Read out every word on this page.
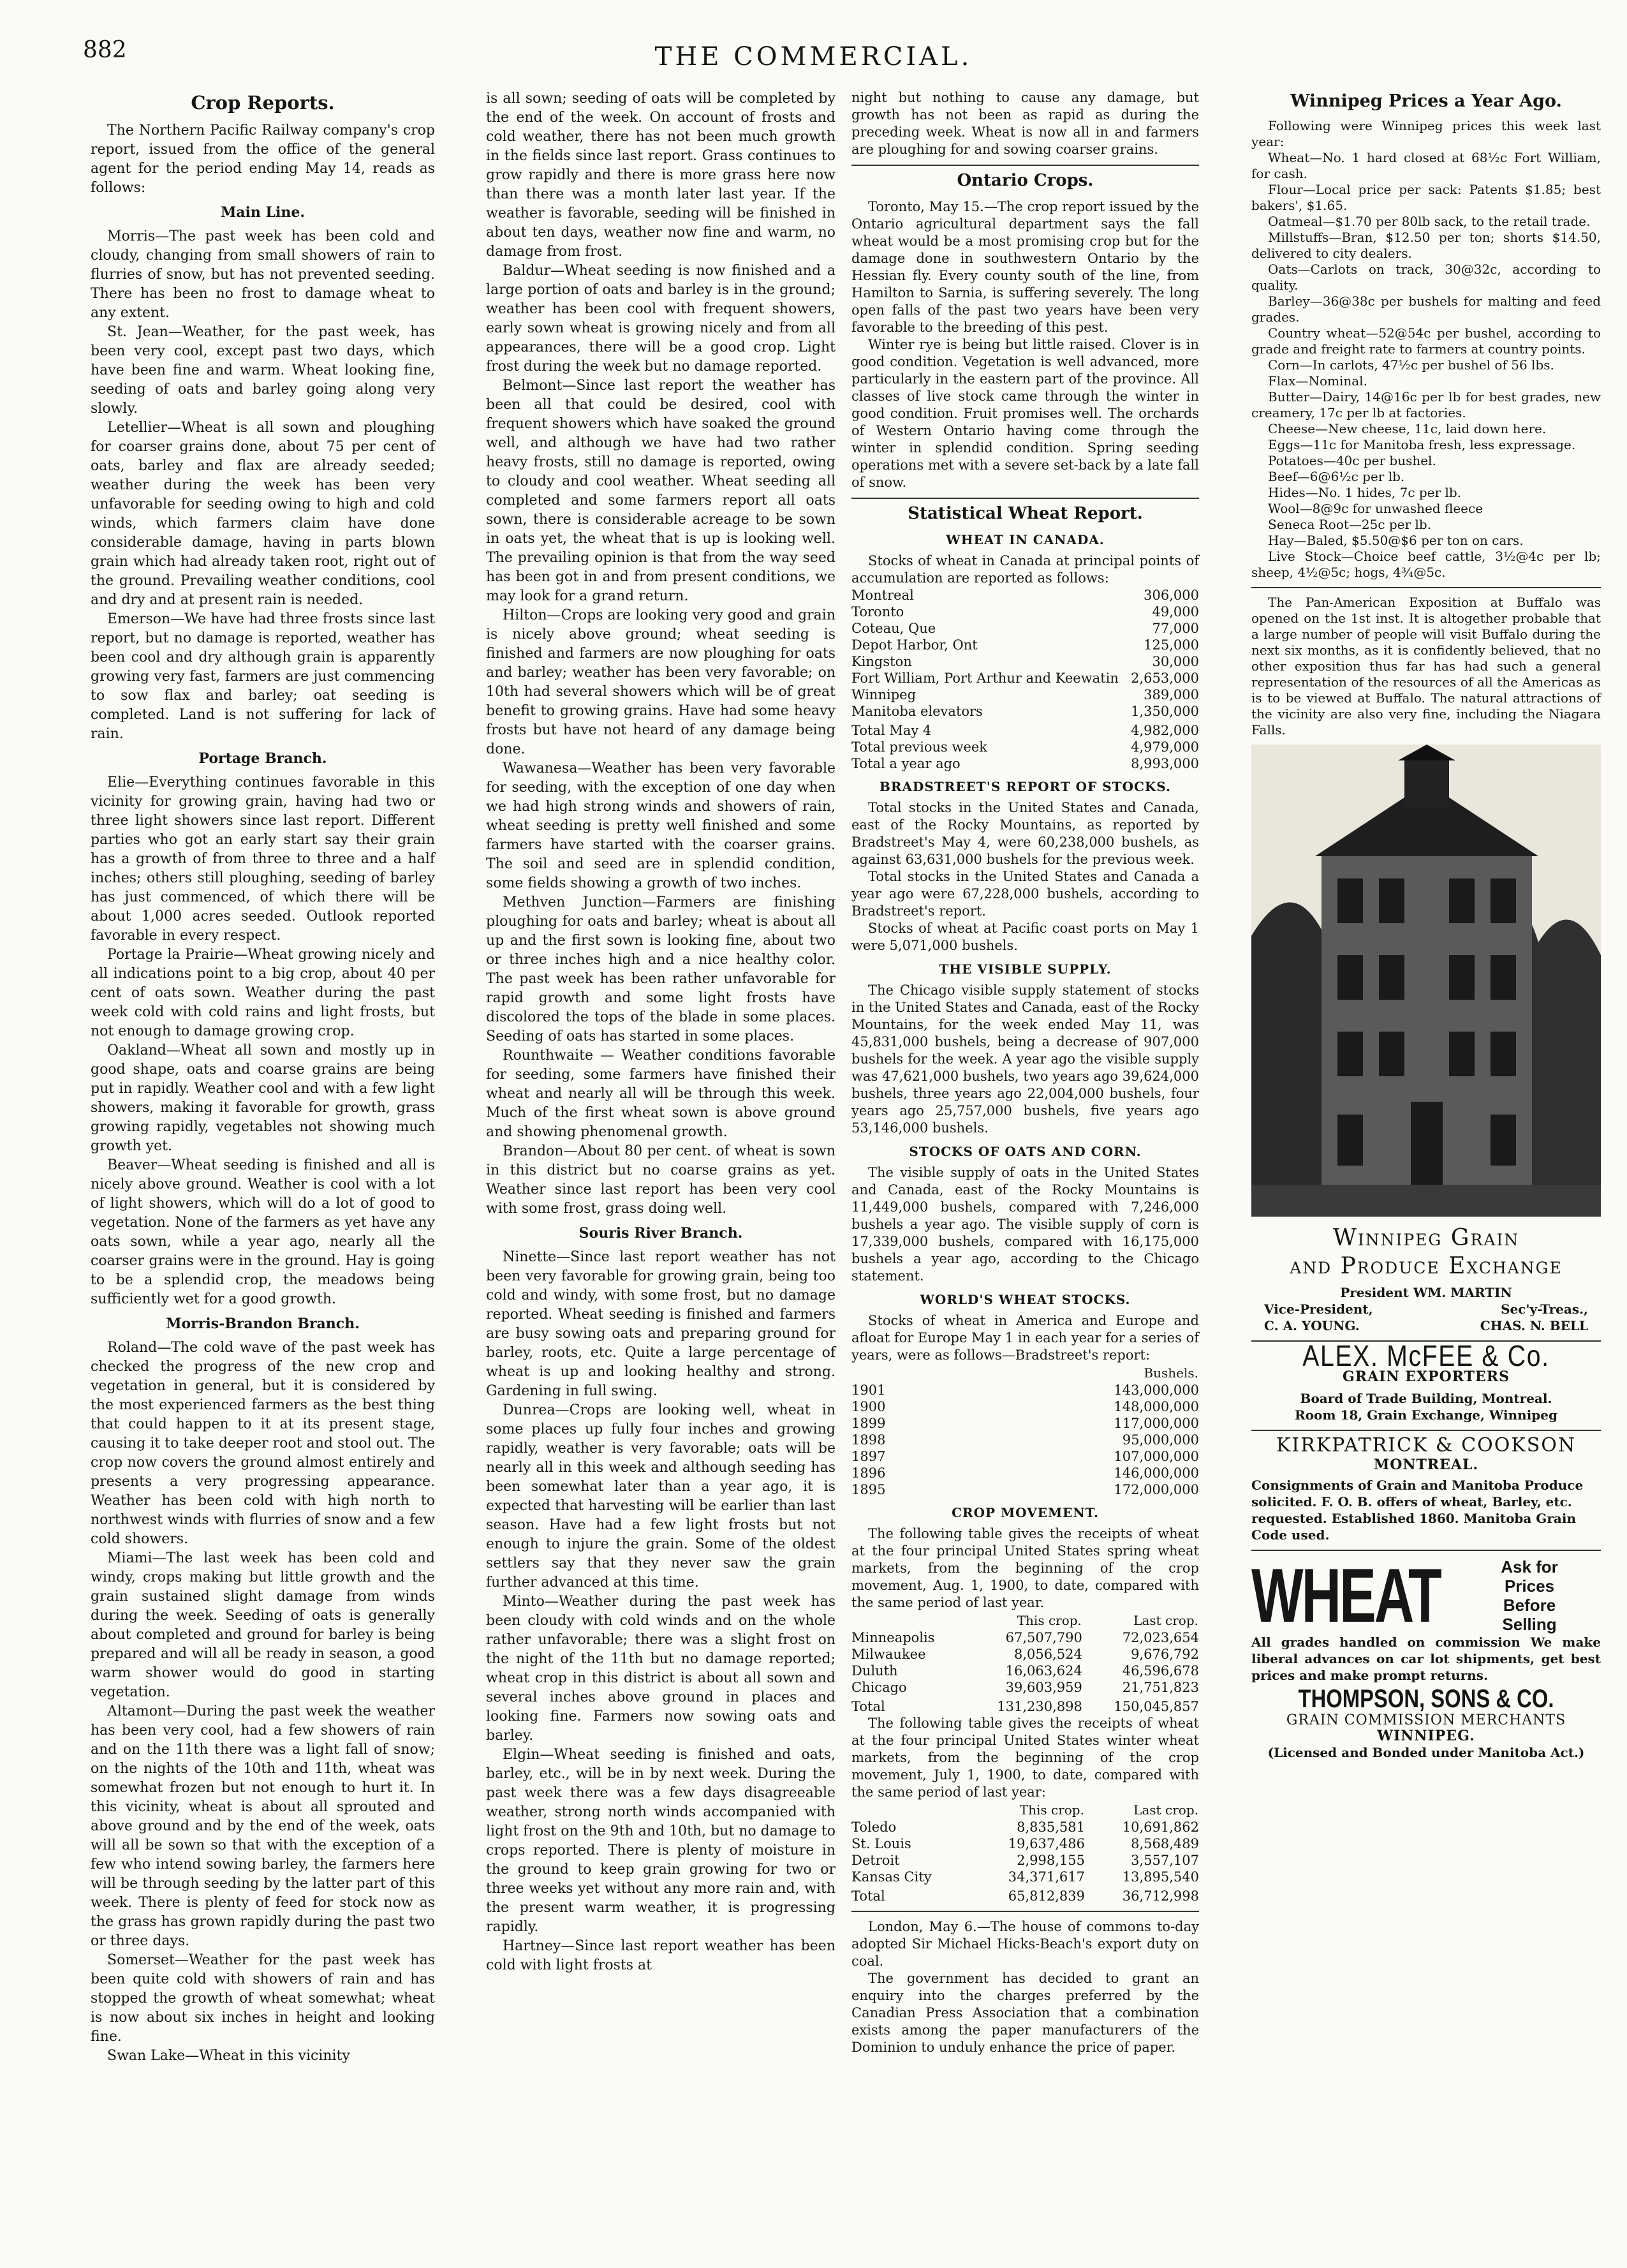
882	THE COMMERCIAL.
Crop Reports.

The Northern Pacific Railway company's crop report, issued from the office of the general agent for the period ending May 14, reads as follows:

Main Line.

Morris—The past week has been cold and cloudy, changing from small showers of rain to flurries of snow, but has not prevented seeding. There has been no frost to damage wheat to any extent.

St. Jean—Weather, for the past week, has been very cool, except past two days, which have been fine and warm. Wheat looking fine, seeding of oats and barley going along very slowly.

Letellier—Wheat is all sown and ploughing for coarser grains done, about 75 per cent of oats, barley and flax are already seeded; weather during the week has been very unfavorable for seeding owing to high and cold winds, which farmers claim have done considerable damage, having in parts blown grain which had already taken root, right out of the ground. Prevailing weather conditions, cool and dry and at present rain is needed.

Emerson—We have had three frosts since last report, but no damage is reported, weather has been cool and dry although grain is apparently growing very fast, farmers are just commencing to sow flax and barley; oat seeding is completed. Land is not suffering for lack of rain.

Portage Branch.

Elie—Everything continues favorable in this vicinity for growing grain, having had two or three light showers since last report. Different parties who got an early start say their grain has a growth of from three to three and a half inches; others still ploughing, seeding of barley has just commenced, of which there will be about 1,000 acres seeded. Outlook reported favorable in every respect.

Portage la Prairie—Wheat growing nicely and all indications point to a big crop, about 40 per cent of oats sown. Weather during the past week cold with cold rains and light frosts, but not enough to damage growing crop.

Oakland—Wheat all sown and mostly up in good shape, oats and coarse grains are being put in rapidly. Weather cool and with a few light showers, making it favorable for growth, grass growing rapidly, vegetables not showing much growth yet.

Beaver—Wheat seeding is finished and all is nicely above ground. Weather is cool with a lot of light showers, which will do a lot of good to vegetation. None of the farmers as yet have any oats sown, while a year ago, nearly all the coarser grains were in the ground. Hay is going to be a splendid crop, the meadows being sufficiently wet for a good growth.

Morris-Brandon Branch.

Roland—The cold wave of the past week has checked the progress of the new crop and vegetation in general, but it is considered by the most experienced farmers as the best thing that could happen to it at its present stage, causing it to take deeper root and stool out. The crop now covers the ground almost entirely and presents a very progressing appearance. Weather has been cold with high north to northwest winds with flurries of snow and a few cold showers.

Miami—The last week has been cold and windy, crops making but little growth and the grain sustained slight damage from winds during the week. Seeding of oats is generally about completed and ground for barley is being prepared and will all be ready in season, a good warm shower would do good in starting vegetation.

Altamont—During the past week the weather has been very cool, had a few showers of rain and on the 11th there was a light fall of snow; on the nights of the 10th and 11th, wheat was somewhat frozen but not enough to hurt it. In this vicinity, wheat is about all sprouted and above ground and by the end of the week, oats will all be sown so that with the exception of a few who intend sowing barley, the farmers here will be through seeding by the latter part of this week. There is plenty of feed for stock now as the grass has grown rapidly during the past two or three days.

Somerset—Weather for the past week has been quite cold with showers of rain and has stopped the growth of wheat somewhat; wheat is now about six inches in height and looking fine.

Swan Lake—Wheat in this vicinity

is all sown; seeding of oats will be completed by the end of the week. On account of frosts and cold weather, there has not been much growth in the fields since last report. Grass continues to grow rapidly and there is more grass here now than there was a month later last year. If the weather is favorable, seeding will be finished in about ten days, weather now fine and warm, no damage from frost.

Baldur—Wheat seeding is now finished and a large portion of oats and barley is in the ground; weather has been cool with frequent showers, early sown wheat is growing nicely and from all appearances, there will be a good crop. Light frost during the week but no damage reported.

Belmont—Since last report the weather has been all that could be desired, cool with frequent showers which have soaked the ground well, and although we have had two rather heavy frosts, still no damage is reported, owing to cloudy and cool weather. Wheat seeding all completed and some farmers report all oats sown, there is considerable acreage to be sown in oats yet, the wheat that is up is looking well. The prevailing opinion is that from the way seed has been got in and from present conditions, we may look for a grand return.

Hilton—Crops are looking very good and grain is nicely above ground; wheat seeding is finished and farmers are now ploughing for oats and barley; weather has been very favorable; on 10th had several showers which will be of great benefit to growing grains. Have had some heavy frosts but have not heard of any damage being done.

Wawanesa—Weather has been very favorable for seeding, with the exception of one day when we had high strong winds and showers of rain, wheat seeding is pretty well finished and some farmers have started with the coarser grains. The soil and seed are in splendid condition, some fields showing a growth of two inches.

Methven Junction—Farmers are finishing ploughing for oats and barley; wheat is about all up and the first sown is looking fine, about two or three inches high and a nice healthy color. The past week has been rather unfavorable for rapid growth and some light frosts have discolored the tops of the blade in some places. Seeding of oats has started in some places.

Rounthwaite — Weather conditions favorable for seeding, some farmers have finished their wheat and nearly all will be through this week. Much of the first wheat sown is above ground and showing phenomenal growth.

Brandon—About 80 per cent. of wheat is sown in this district but no coarse grains as yet. Weather since last report has been very cool with some frost, grass doing well.

Souris River Branch.

Ninette—Since last report weather has not been very favorable for growing grain, being too cold and windy, with some frost, but no damage reported. Wheat seeding is finished and farmers are busy sowing oats and preparing ground for barley, roots, etc. Quite a large percentage of wheat is up and looking healthy and strong. Gardening in full swing.

Dunrea—Crops are looking well, wheat in some places up fully four inches and growing rapidly, weather is very favorable; oats will be nearly all in this week and although seeding has been somewhat later than a year ago, it is expected that harvesting will be earlier than last season. Have had a few light frosts but not enough to injure the grain. Some of the oldest settlers say that they never saw the grain further advanced at this time.

Minto—Weather during the past week has been cloudy with cold winds and on the whole rather unfavorable; there was a slight frost on the night of the 11th but no damage reported; wheat crop in this district is about all sown and several inches above ground in places and looking fine. Farmers now sowing oats and barley.

Elgin—Wheat seeding is finished and oats, barley, etc., will be in by next week. During the past week there was a few days disagreeable weather, strong north winds accompanied with light frost on the 9th and 10th, but no damage to crops reported. There is plenty of moisture in the ground to keep grain growing for two or three weeks yet without any more rain and, with the present warm weather, it is progressing rapidly.

Hartney—Since last report weather has been cold with light frosts at

night but nothing to cause any damage, but growth has not been as rapid as during the preceding week. Wheat is now all in and farmers are ploughing for and sowing coarser grains.

Ontario Crops.

Toronto, May 15.—The crop report issued by the Ontario agricultural department says the fall wheat would be a most promising crop but for the damage done in southwestern Ontario by the Hessian fly. Every county south of the line, from Hamilton to Sarnia, is suffering severely. The long open falls of the past two years have been very favorable to the breeding of this pest.

Winter rye is being but little raised. Clover is in good condition. Vegetation is well advanced, more particularly in the eastern part of the province. All classes of live stock came through the winter in good condition. Fruit promises well. The orchards of Western Ontario having come through the winter in splendid condition. Spring seeding operations met with a severe set-back by a late fall of snow.

Statistical Wheat Report.
WHEAT IN CANADA.

Stocks of wheat in Canada at principal points of accumulation are reported as follows:

Montreal	306,000
Toronto	49,000
Coteau, Que	77,000
Depot Harbor, Ont	125,000
Kingston	30,000
Fort William, Port Arthur and Keewatin	2,653,000
Winnipeg	389,000
Manitoba elevators	1,350,000
Total May 4	4,982,000
Total previous week	4,979,000
Total a year ago	8,993,000
BRADSTREET'S REPORT OF STOCKS.

Total stocks in the United States and Canada, east of the Rocky Mountains, as reported by Bradstreet's May 4, were 60,238,000 bushels, as against 63,631,000 bushels for the previous week.

Total stocks in the United States and Canada a year ago were 67,228,000 bushels, according to Bradstreet's report.

Stocks of wheat at Pacific coast ports on May 1 were 5,071,000 bushels.

THE VISIBLE SUPPLY.

The Chicago visible supply statement of stocks in the United States and Canada, east of the Rocky Mountains, for the week ended May 11, was 45,831,000 bushels, being a decrease of 907,000 bushels for the week. A year ago the visible supply was 47,621,000 bushels, two years ago 39,624,000 bushels, three years ago 22,004,000 bushels, four years ago 25,757,000 bushels, five years ago 53,146,000 bushels.

STOCKS OF OATS AND CORN.

The visible supply of oats in the United States and Canada, east of the Rocky Mountains is 11,449,000 bushels, compared with 7,246,000 bushels a year ago. The visible supply of corn is 17,339,000 bushels, compared with 16,175,000 bushels a year ago, according to the Chicago statement.

WORLD'S WHEAT STOCKS.

Stocks of wheat in America and Europe and afloat for Europe May 1 in each year for a series of years, were as follows—Bradstreet's report:

	Bushels.
1901	143,000,000
1900	148,000,000
1899	117,000,000
1898	95,000,000
1897	107,000,000
1896	146,000,000
1895	172,000,000
CROP MOVEMENT.

The following table gives the receipts of wheat at the four principal United States spring wheat markets, from the beginning of the crop movement, Aug. 1, 1900, to date, compared with the same period of last year.

	This crop.	Last crop.
Minneapolis	67,507,790	72,023,654
Milwaukee	8,056,524	9,676,792
Duluth	16,063,624	46,596,678
Chicago	39,603,959	21,751,823
Total	131,230,898	150,045,857

The following table gives the receipts of wheat at the four principal United States winter wheat markets, from the beginning of the crop movement, July 1, 1900, to date, compared with the same period of last year:

	This crop.	Last crop.
Toledo	8,835,581	10,691,862
St. Louis	19,637,486	8,568,489
Detroit	2,998,155	3,557,107
Kansas City	34,371,617	13,895,540
Total	65,812,839	36,712,998

London, May 6.—The house of commons to-day adopted Sir Michael Hicks-Beach's export duty on coal.

The government has decided to grant an enquiry into the charges preferred by the Canadian Press Association that a combination exists among the paper manufacturers of the Dominion to unduly enhance the price of paper.

Winnipeg Prices a Year Ago.

Following were Winnipeg prices this week last year:

Wheat—No. 1 hard closed at 68½c Fort William, for cash.

Flour—Local price per sack: Patents $1.85; best bakers', $1.65.

Oatmeal—$1.70 per 80lb sack, to the retail trade.

Millstuffs—Bran, $12.50 per ton; shorts $14.50, delivered to city dealers.

Oats—Carlots on track, 30@32c, according to quality.

Barley—36@38c per bushels for malting and feed grades.

Country wheat—52@54c per bushel, according to grade and freight rate to farmers at country points.

Corn—In carlots, 47½c per bushel of 56 lbs.

Flax—Nominal.

Butter—Dairy, 14@16c per lb for best grades, new creamery, 17c per lb at factories.

Cheese—New cheese, 11c, laid down here.

Eggs—11c for Manitoba fresh, less expressage.

Potatoes—40c per bushel.

Beef—6@6½c per lb.

Hides—No. 1 hides, 7c per lb.

Wool—8@9c for unwashed fleece

Seneca Root—25c per lb.

Hay—Baled, $5.50@$6 per ton on cars.

Live Stock—Choice beef cattle, 3½@4c per lb; sheep, 4½@5c; hogs, 4¾@5c.

The Pan-American Exposition at Buffalo was opened on the 1st inst. It is altogether probable that a large number of people will visit Buffalo during the next six months, as it is confidently believed, that no other exposition thus far has had such a general representation of the resources of all the Americas as is to be viewed at Buffalo. The natural attractions of the vicinity are also very fine, including the Niagara Falls.

Winnipeg Grain
and Produce Exchange
President WM. MARTIN
Vice-President,	Sec'y-Treas.,
C. A. YOUNG.	CHAS. N. BELL
ALEX. McFEE & Co.
GRAIN EXPORTERS
Board of Trade Building, Montreal.
Room 18, Grain Exchange, Winnipeg
KIRKPATRICK & COOKSON
MONTREAL.

Consignments of Grain and Manitoba Produce solicited. F. O. B. offers of wheat, Barley, etc. requested. Established 1860. Manitoba Grain Code used.

WHEAT	Ask for Prices Before Selling

All grades handled on commission We make liberal advances on car lot shipments, get best prices and make prompt returns.

THOMPSON, SONS & CO.
GRAIN COMMISSION MERCHANTS
WINNIPEG.
(Licensed and Bonded under Manitoba Act.)
